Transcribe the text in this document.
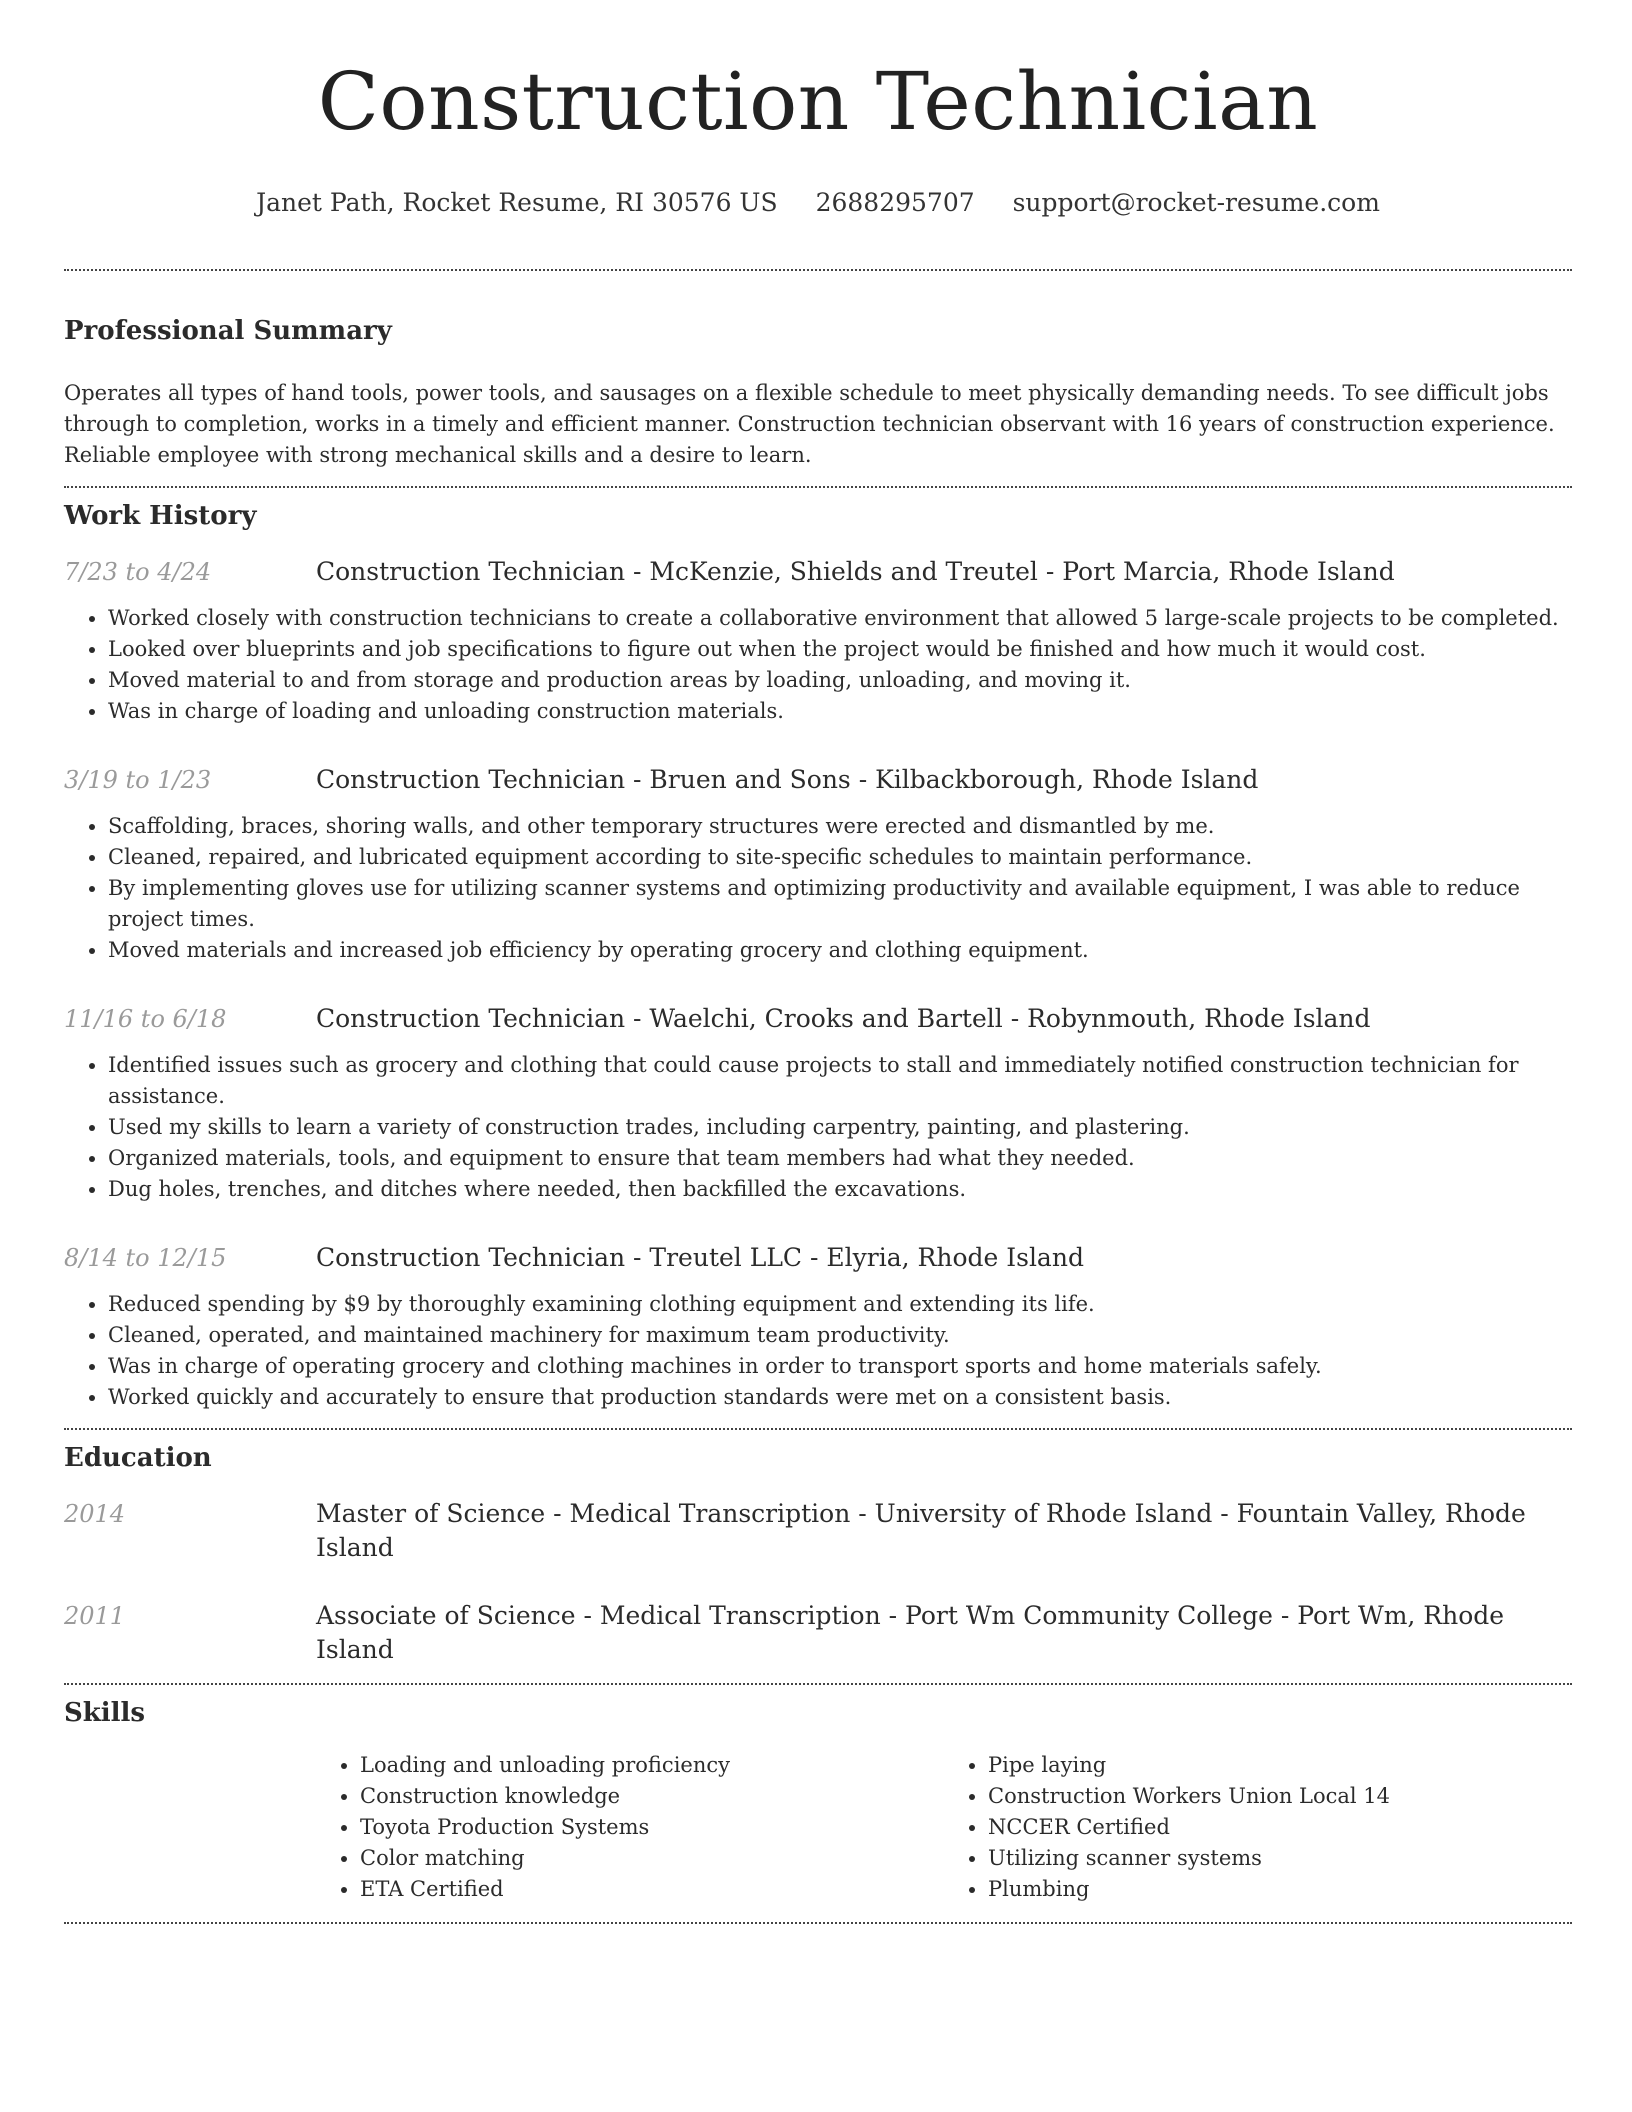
Construction Technician
Janet Path, Rocket Resume, RI 30576 US 2688295707 support@rocket-resume.com
Professional Summary

Operates all types of hand tools, power tools, and sausages on a flexible schedule to meet physically demanding needs. To see difficult jobs through to completion, works in a timely and efficient manner. Construction technician observant with 16 years of construction experience. Reliable employee with strong mechanical skills and a desire to learn.

Work History
7/23 to 4/24	Construction Technician - McKenzie, Shields and Treutel - Port Marcia, Rhode Island
• Worked closely with construction technicians to create a collaborative environment that allowed 5 large-scale projects to be completed.
• Looked over blueprints and job specifications to figure out when the project would be finished and how much it would cost.
• Moved material to and from storage and production areas by loading, unloading, and moving it.
• Was in charge of loading and unloading construction materials.
3/19 to 1/23	Construction Technician - Bruen and Sons - Kilbackborough, Rhode Island
• Scaffolding, braces, shoring walls, and other temporary structures were erected and dismantled by me.
• Cleaned, repaired, and lubricated equipment according to site-specific schedules to maintain performance.
• By implementing gloves use for utilizing scanner systems and optimizing productivity and available equipment, I was able to reduce project times.
• Moved materials and increased job efficiency by operating grocery and clothing equipment.
11/16 to 6/18	Construction Technician - Waelchi, Crooks and Bartell - Robynmouth, Rhode Island
• Identified issues such as grocery and clothing that could cause projects to stall and immediately notified construction technician for assistance.
• Used my skills to learn a variety of construction trades, including carpentry, painting, and plastering.
• Organized materials, tools, and equipment to ensure that team members had what they needed.
• Dug holes, trenches, and ditches where needed, then backfilled the excavations.
8/14 to 12/15	Construction Technician - Treutel LLC - Elyria, Rhode Island
• Reduced spending by $9 by thoroughly examining clothing equipment and extending its life.
• Cleaned, operated, and maintained machinery for maximum team productivity.
• Was in charge of operating grocery and clothing machines in order to transport sports and home materials safely.
• Worked quickly and accurately to ensure that production standards were met on a consistent basis.
Education
2014	Master of Science - Medical Transcription - University of Rhode Island - Fountain Valley, Rhode Island
2011	Associate of Science - Medical Transcription - Port Wm Community College - Port Wm, Rhode Island
Skills
• Loading and unloading proficiency
• Construction knowledge
• Toyota Production Systems
• Color matching
• ETA Certified
• Pipe laying
• Construction Workers Union Local 14
• NCCER Certified
• Utilizing scanner systems
• Plumbing
